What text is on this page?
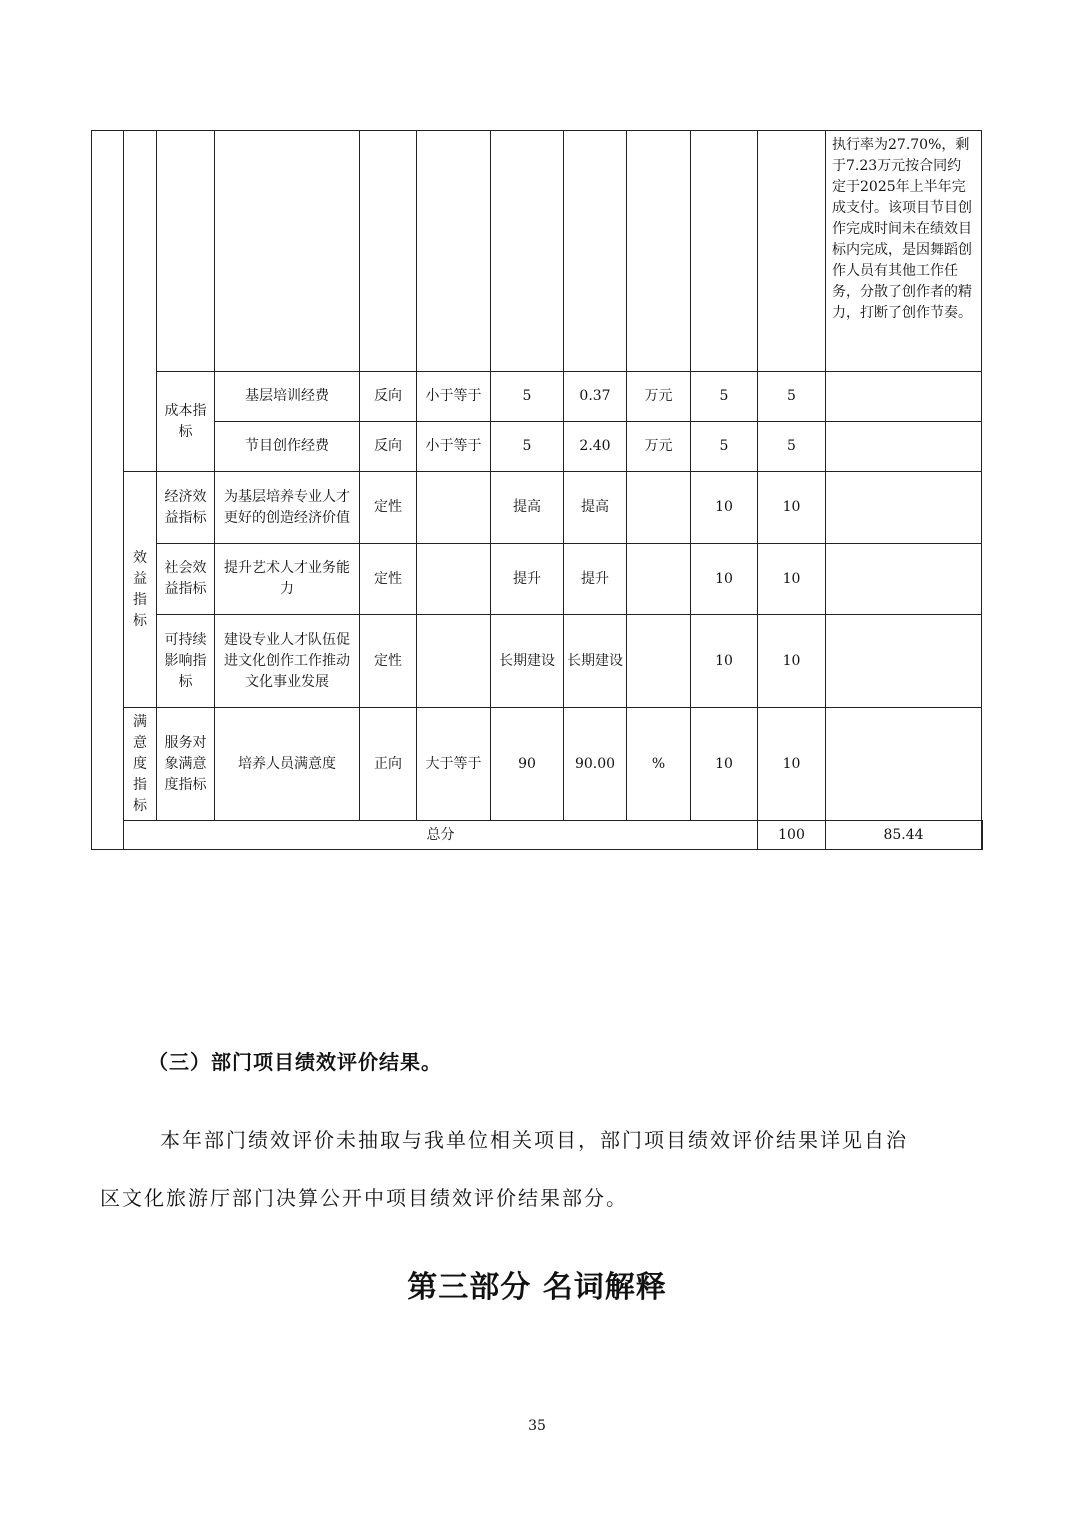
											执行率为27.70%，剩于7.23万元按合同约定于2025年上半年完成支付。该项目节目创作完成时间未在绩效目标内完成，是因舞蹈创作人员有其他工作任务，分散了创作者的精力，打断了创作节奏。	
		成本指标	基层培训经费	反向	小于等于	5	0.37	万元	5	5		
			节目创作经费	反向	小于等于	5	2.40	万元	5	5		
	效益指标	经济效益指标	为基层培养专业人才更好的创造经济价值	定性		提高	提高		10	10		
		社会效益指标	提升艺术人才业务能力	定性		提升	提升		10	10		
		可持续影响指标	建设专业人才队伍促进文化创作工作推动文化事业发展	定性		长期建设	长期建设		10	10		
	满意度指标	服务对象满意度指标	培养人员满意度	正向	大于等于	90	90.00	%	10	10		
	总分									100	85.44	
（三）部门项目绩效评价结果。
本年部门绩效评价未抽取与我单位相关项目，部门项目绩效评价结果详见自治
区文化旅游厅部门决算公开中项目绩效评价结果部分。
第三部分 名词解释
35
